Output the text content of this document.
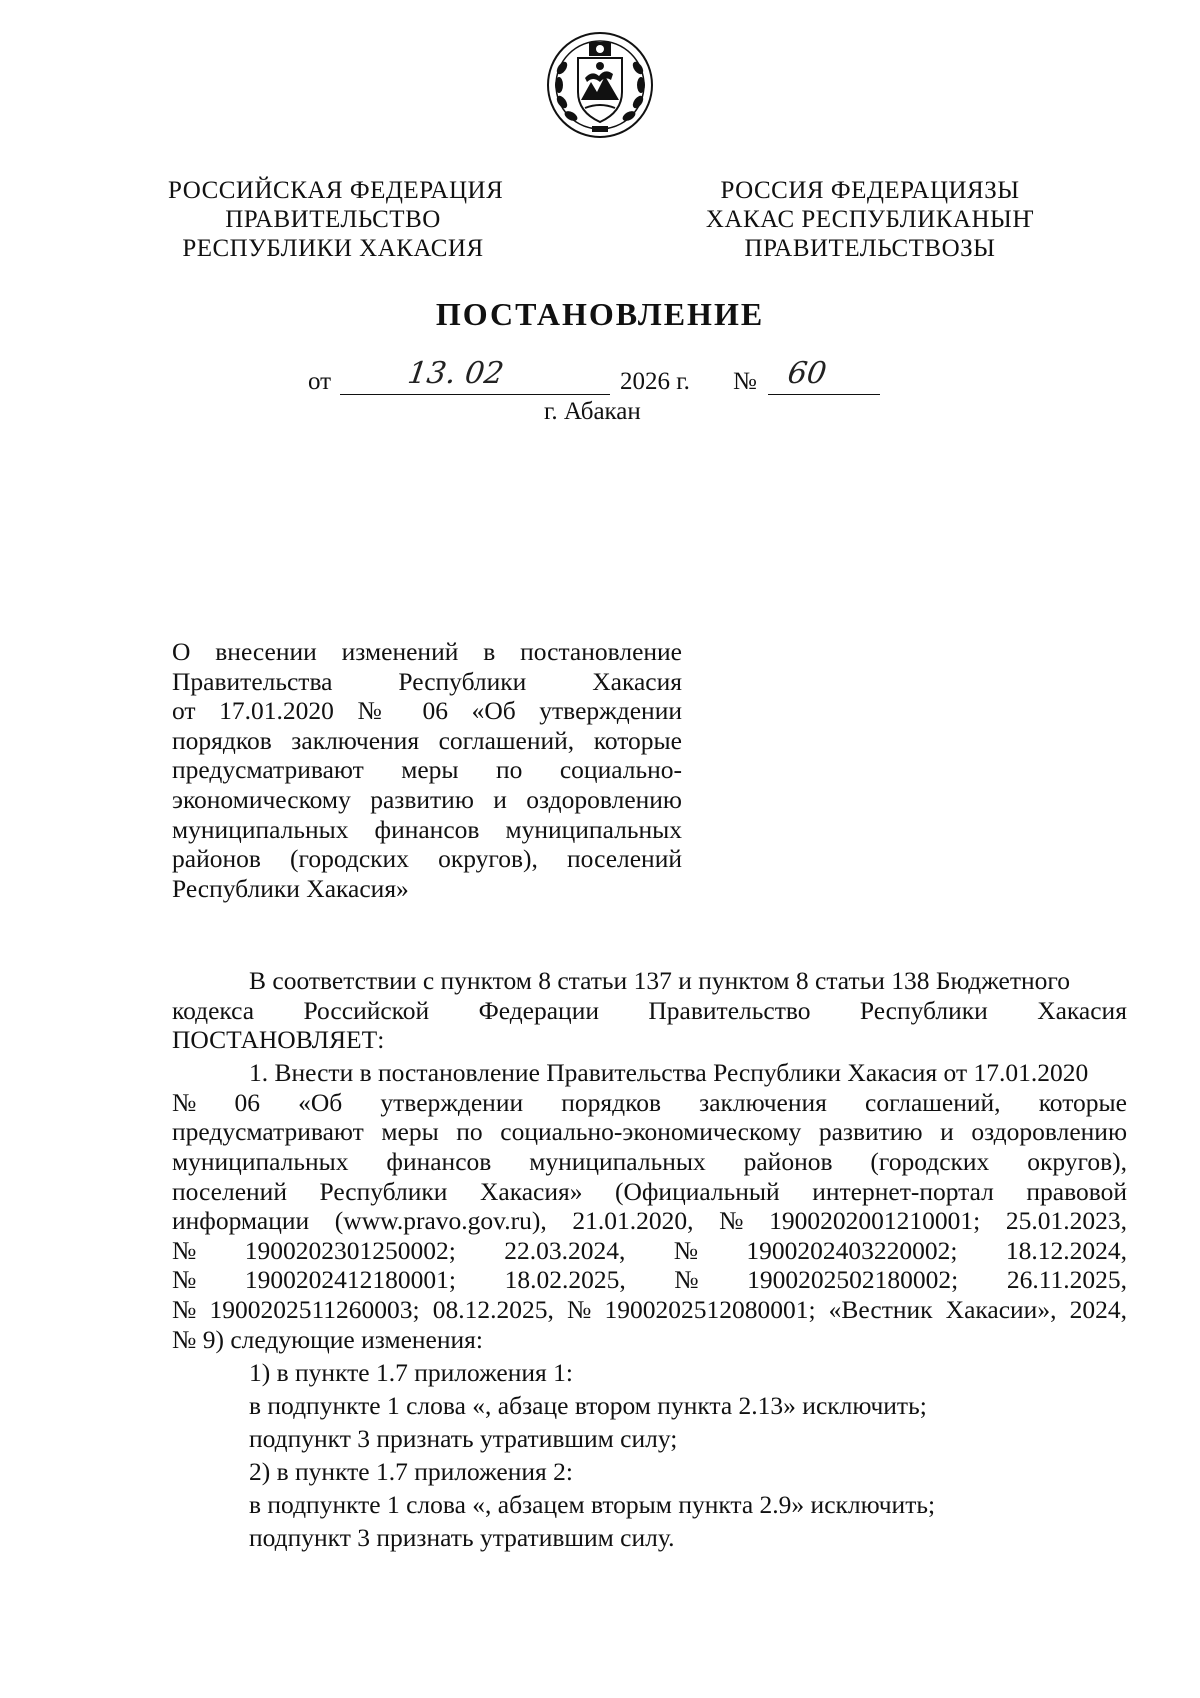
РОССИЙСКАЯ ФЕДЕРАЦИЯ
ПРАВИТЕЛЬСТВО
РЕСПУБЛИКИ ХАКАСИЯ
РОССИЯ ФЕДЕРАЦИЯЗЫ
ХАКАС РЕСПУБЛИКАНЫҤ
ПРАВИТЕЛЬСТВОЗЫ
ПОСТАНОВЛЕНИЕ
от 13. 02	2026 г. № 60
г. Абакан
О внесении изменений в постановление
Правительства Республики Хакасия
от 17.01.2020 № 06 «Об утверждении
порядков заключения соглашений, которые
предусматривают меры по социально-
экономическому развитию и оздоровлению
муниципальных финансов муниципальных
районов (городских округов), поселений
Республики Хакасия»
В соответствии с пунктом 8 статьи 137 и пунктом 8 статьи 138 Бюджетного
кодекса Российской Федерации Правительство Республики Хакасия
ПОСТАНОВЛЯЕТ:
1. Внести в постановление Правительства Республики Хакасия от 17.01.2020
№ 06 «Об утверждении порядков заключения соглашений, которые
предусматривают меры по социально-экономическому развитию и оздоровлению
муниципальных финансов муниципальных районов (городских округов),
поселений Республики Хакасия» (Официальный интернет-портал правовой
информации (www.pravo.gov.ru), 21.01.2020, № 1900202001210001; 25.01.2023,
№ 1900202301250002; 22.03.2024, № 1900202403220002; 18.12.2024,
№ 1900202412180001; 18.02.2025, № 1900202502180002; 26.11.2025,
№ 1900202511260003; 08.12.2025, № 1900202512080001; «Вестник Хакасии», 2024,
№ 9) следующие изменения:
1) в пункте 1.7 приложения 1:
в подпункте 1 слова «, абзаце втором пункта 2.13» исключить;
подпункт 3 признать утратившим силу;
2) в пункте 1.7 приложения 2:
в подпункте 1 слова «, абзацем вторым пункта 2.9» исключить;
подпункт 3 признать утратившим силу.
